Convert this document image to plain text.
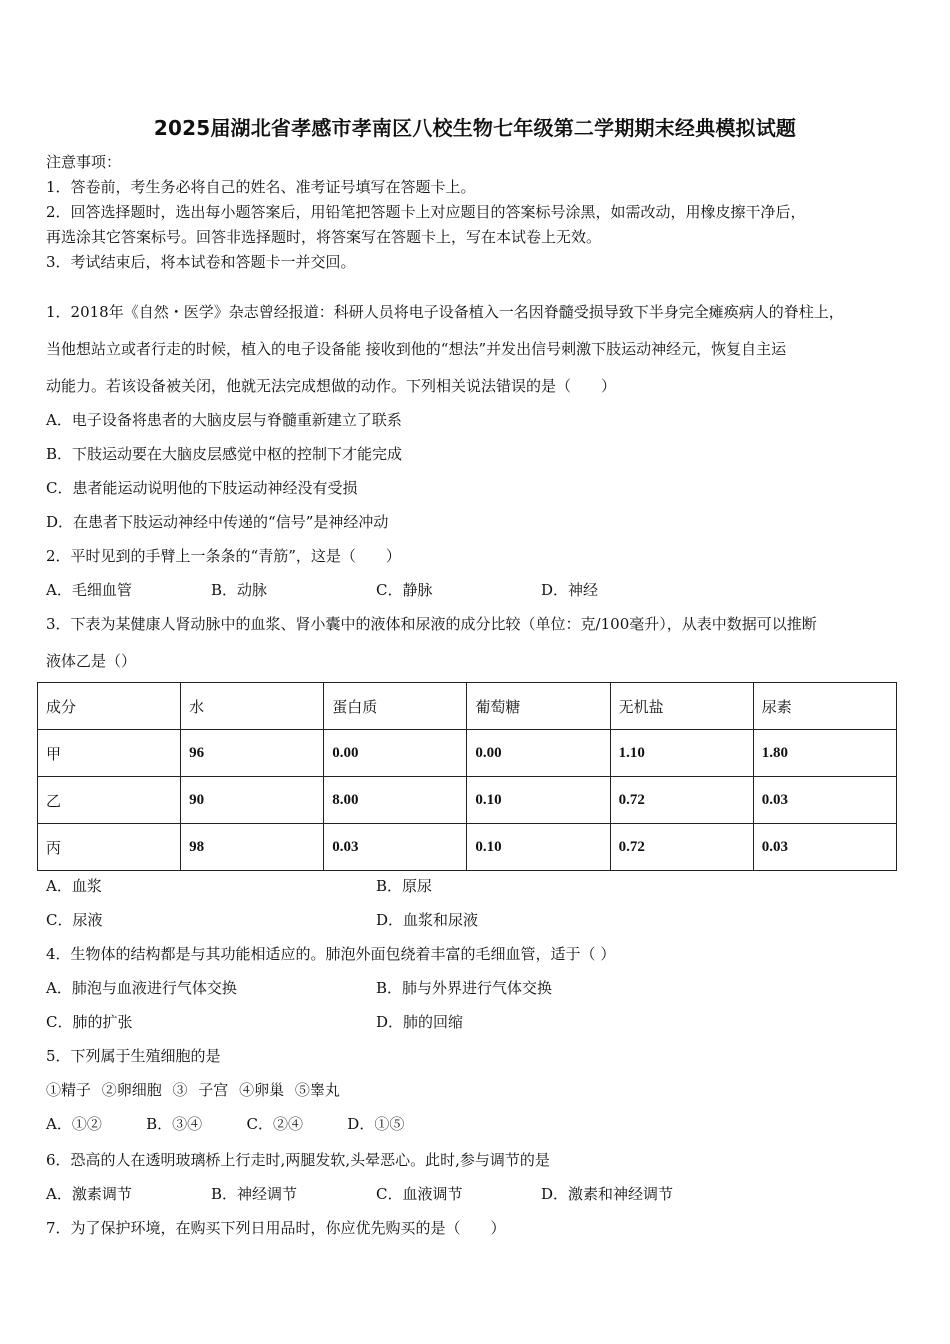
2025届湖北省孝感市孝南区八校生物七年级第二学期期末经典模拟试题
注意事项：
1．答卷前，考生务必将自己的姓名、准考证号填写在答题卡上。
2．回答选择题时，选出每小题答案后，用铅笔把答题卡上对应题目的答案标号涂黑，如需改动，用橡皮擦干净后，
再选涂其它答案标号。回答非选择题时，将答案写在答题卡上，写在本试卷上无效。
3．考试结束后，将本试卷和答题卡一并交回。
1．2018年《自然・医学》杂志曾经报道：科研人员将电子设备植入一名因脊髓受损导致下半身完全瘫痪病人的脊柱上，
当他想站立或者行走的时候，植入的电子设备能 接收到他的“想法”并发出信号刺激下肢运动神经元，恢复自主运
动能力。若该设备被关闭，他就无法完成想做的动作。下列相关说法错误的是（　　）
A．电子设备将患者的大脑皮层与脊髓重新建立了联系
B．下肢运动要在大脑皮层感觉中枢的控制下才能完成
C．患者能运动说明他的下肢运动神经没有受损
D．在患者下肢运动神经中传递的“信号”是神经冲动
2．平时见到的手臂上一条条的“青筋”，这是（　　）
A．毛细血管	B．动脉	C．静脉	D．神经
3．下表为某健康人肾动脉中的血浆、肾小囊中的液体和尿液的成分比较（单位：克/100毫升），从表中数据可以推断
液体乙是（）
成分	水	蛋白质	葡萄糖	无机盐	尿素
甲	96	0.00	0.00	1.10	1.80
乙	90	8.00	0.10	0.72	0.03
丙	98	0.03	0.10	0.72	0.03
A．血浆	B．原尿
C．尿液	D．血浆和尿液
4．生物体的结构都是与其功能相适应的。肺泡外面包绕着丰富的毛细血管，适于（ ）
A．肺泡与血液进行气体交换	B．肺与外界进行气体交换
C．肺的扩张	D．肺的回缩
5．下列属于生殖细胞的是
①精子 ②卵细胞 ③ 子宫 ④卵巢 ⑤睾丸
A．①②	B．③④	C．②④	D．①⑤
6．恐高的人在透明玻璃桥上行走时,两腿发软,头晕恶心。此时,参与调节的是
A．激素调节	B．神经调节	C．血液调节	D．激素和神经调节
7．为了保护环境，在购买下列日用品时，你应优先购买的是（　　）
